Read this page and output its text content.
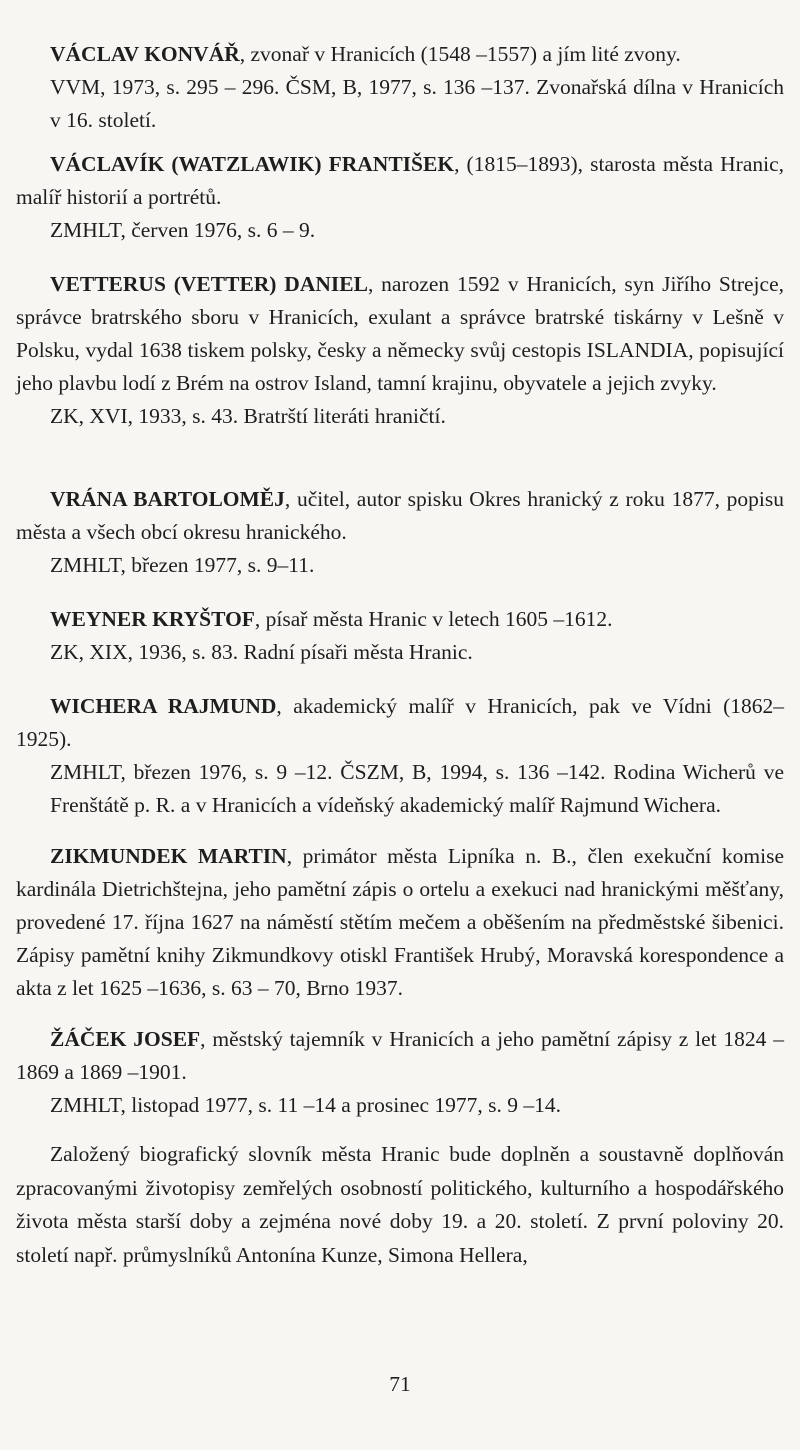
VÁCLAV KONVÁŘ, zvonař v Hranicích (1548 –1557) a jím lité zvony.

VVM, 1973, s. 295 – 296. ČSM, B, 1977, s. 136 –137. Zvonařská dílna v Hranicích v 16. století.

VÁCLAVÍK (WATZLAWIK) FRANTIŠEK, (1815–1893), starosta města Hranic, malíř historií a portrétů.

ZMHLT, červen 1976, s. 6 – 9.

VETTERUS (VETTER) DANIEL, narozen 1592 v Hranicích, syn Jiřího Strejce, správce bratrského sboru v Hranicích, exulant a správce bratrské tiskárny v Lešně v Polsku, vydal 1638 tiskem polsky, česky a německy svůj cestopis ISLANDIA, popisující jeho plavbu lodí z Brém na ostrov Island, tamní krajinu, obyvatele a jejich zvyky.

ZK, XVI, 1933, s. 43. Bratrští literáti hraničtí.

VRÁNA BARTOLOMĚJ, učitel, autor spisku Okres hranický z roku 1877, popisu města a všech obcí okresu hranického.

ZMHLT, březen 1977, s. 9–11.

WEYNER KRYŠTOF, písař města Hranic v letech 1605 –1612.

ZK, XIX, 1936, s. 83. Radní písaři města Hranic.

WICHERA RAJMUND, akademický malíř v Hranicích, pak ve Vídni (1862–1925).

ZMHLT, březen 1976, s. 9 –12. ČSZM, B, 1994, s. 136 –142. Rodina Wicherů ve Frenštátě p. R. a v Hranicích a vídeňský akademický malíř Rajmund Wichera.

ZIKMUNDEK MARTIN, primátor města Lipníka n. B., člen exekuční komise kardinála Dietrichštejna, jeho pamětní zápis o ortelu a exekuci nad hranickými měšťany, provedené 17. října 1627 na náměstí stětím mečem a oběšením na předměstské šibenici. Zápisy pamětní knihy Zikmundkovy otiskl František Hrubý, Moravská korespondence a akta z let 1625 –1636, s. 63 – 70, Brno 1937.

ŽÁČEK JOSEF, městský tajemník v Hranicích a jeho pamětní zápisy z let 1824 –1869 a 1869 –1901.

ZMHLT, listopad 1977, s. 11 –14 a prosinec 1977, s. 9 –14.

Založený biografický slovník města Hranic bude doplněn a soustavně doplňován zpracovanými životopisy zemřelých osobností politického, kulturního a hospodářského života města starší doby a zejména nové doby 19. a 20. století. Z první poloviny 20. století např. průmyslníků Antonína Kunze, Simona Hellera,

71
